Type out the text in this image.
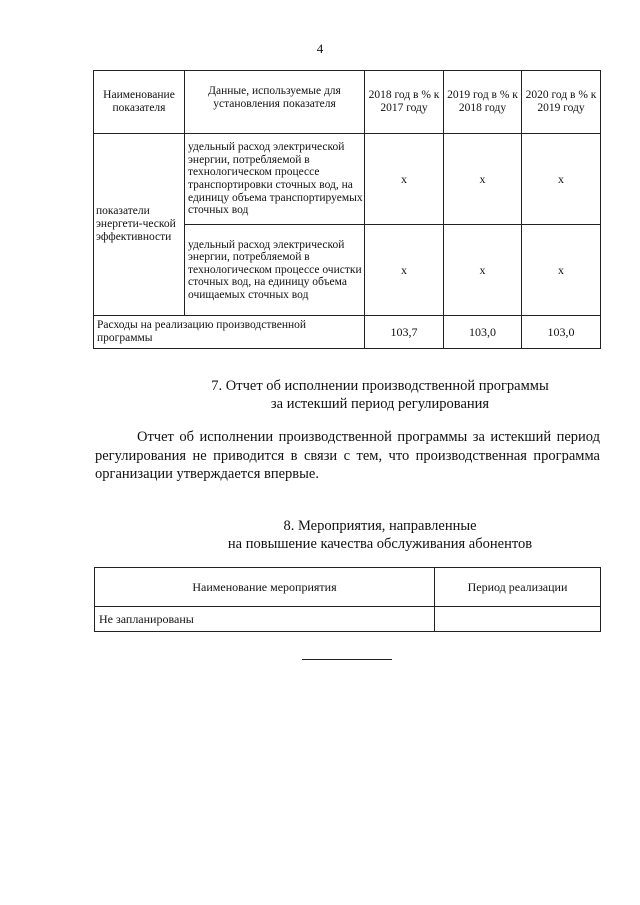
4
Наименование показателя	Данные, используемые для установления показателя	2018 год в % к 2017 году	2019 год в % к 2018 году	2020 год в % к 2019 году
показатели энергети-ческой эффективности	удельный расход электрической энергии, потребляемой в технологическом процессе транспортировки сточных вод, на единицу объема транспортируемых сточных вод	x	x	x
	удельный расход электрической энергии, потребляемой в технологическом процессе очистки сточных вод, на единицу объема очищаемых сточных вод	x	x	x
Расходы на реализацию производственной программы		103,7	103,0	103,0
7. Отчет об исполнении производственной программы
за истекший период регулирования
Отчет об исполнении производственной программы за истекший период регулирования не приводится в связи с тем, что производственная программа организации утверждается впервые.
8. Мероприятия, направленные
на повышение качества обслуживания абонентов
Наименование мероприятия	Период реализации
Не запланированы	
